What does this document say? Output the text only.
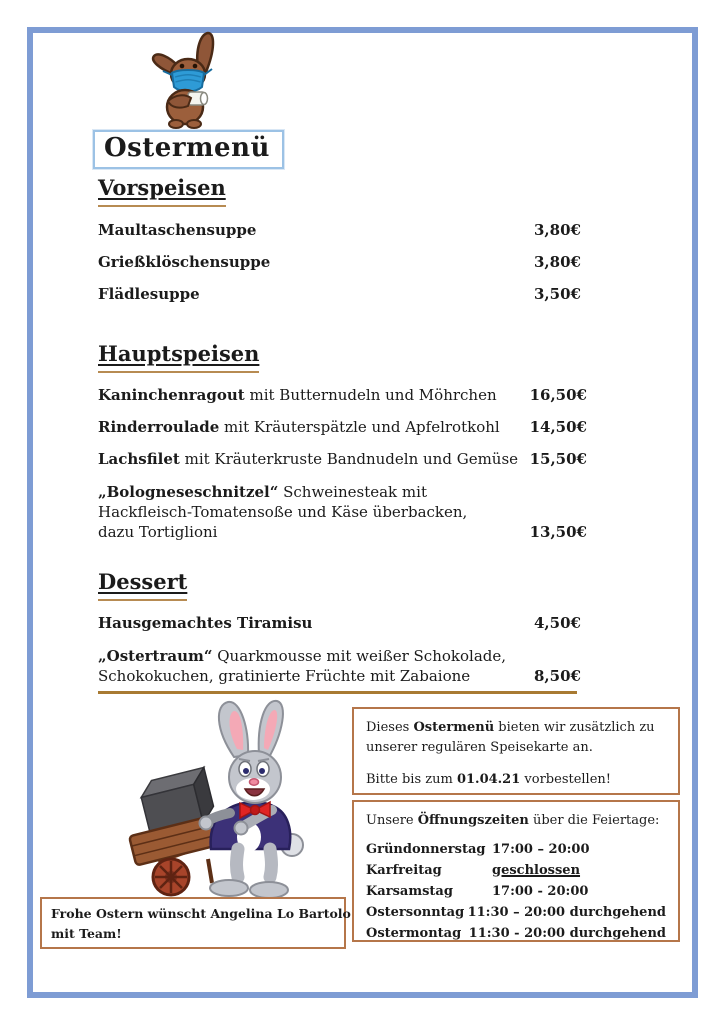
Ostermenü
Vorspeisen
Maultaschensuppe	3,80€
Grießklöschensuppe	3,80€
Flädlesuppe	3,50€
Hauptspeisen
Kaninchenragout mit Butternudeln und Möhrchen	16,50€
Rinderroulade mit Kräuterspätzle und Apfelrotkohl	14,50€
Lachsfilet mit Kräuterkruste Bandnudeln und Gemüse 15,50€
„Bologneseschnitzel“ Schweinesteak mit
Hackfleisch-Tomatensoße und Käse überbacken,
dazu Tortiglioni	13,50€
Dessert
Hausgemachtes Tiramisu	4,50€
„Ostertraum“ Quarkmousse mit weißer Schokolade,
Schokokuchen, gratinierte Früchte mit Zabaione	8,50€
Dieses Ostermenü bieten wir zusätzlich zu
unserer regulären Speisekarte an.
Bitte bis zum 01.04.21 vorbestellen!
Unsere Öffnungszeiten über die Feiertage:
Gründonnerstag 17:00 – 20:00
Karfreitag	geschlossen
Karsamstag	17:00 - 20:00
Ostersonntag 11:30 – 20:00 durchgehend
Ostermontag 11:30 - 20:00 durchgehend
Frohe Ostern wünscht Angelina Lo Bartolo
mit Team!
